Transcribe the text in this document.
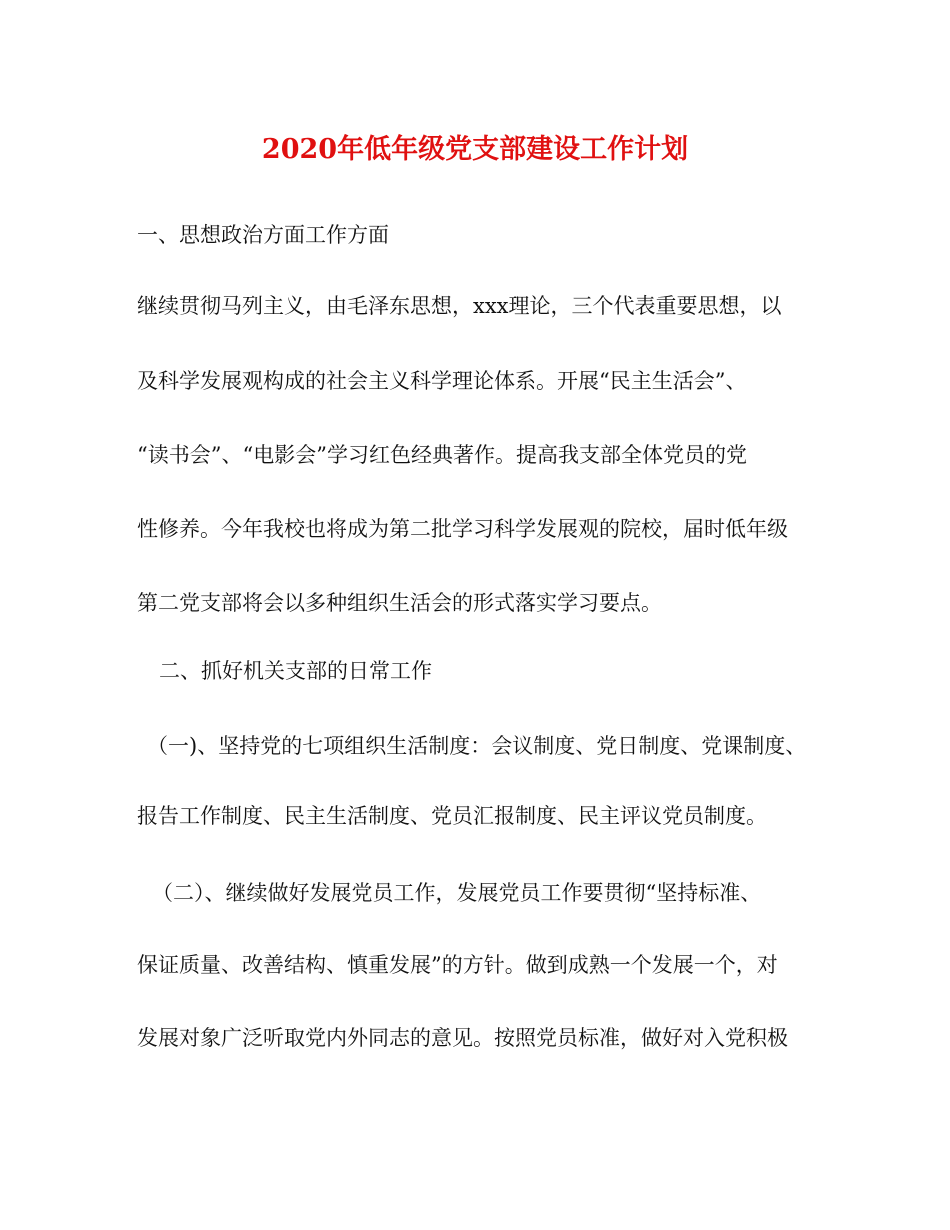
2020年低年级党支部建设工作计划
一、思想政治方面工作方面
继续贯彻马列主义，由毛泽东思想，xxx理论，三个代表重要思想，以
及科学发展观构成的社会主义科学理论体系。开展“民主生活会”、
“读书会”、“电影会”学习红色经典著作。提高我支部全体党员的党
性修养。今年我校也将成为第二批学习科学发展观的院校，届时低年级
第二党支部将会以多种组织生活会的形式落实学习要点。
二、抓好机关支部的日常工作
（一)、坚持党的七项组织生活制度：会议制度、党日制度、党课制度、
报告工作制度、民主生活制度、党员汇报制度、民主评议党员制度。
（二）、继续做好发展党员工作，发展党员工作要贯彻“坚持标准、
保证质量、改善结构、慎重发展”的方针。做到成熟一个发展一个，对
发展对象广泛听取党内外同志的意见。按照党员标准，做好对入党积极
